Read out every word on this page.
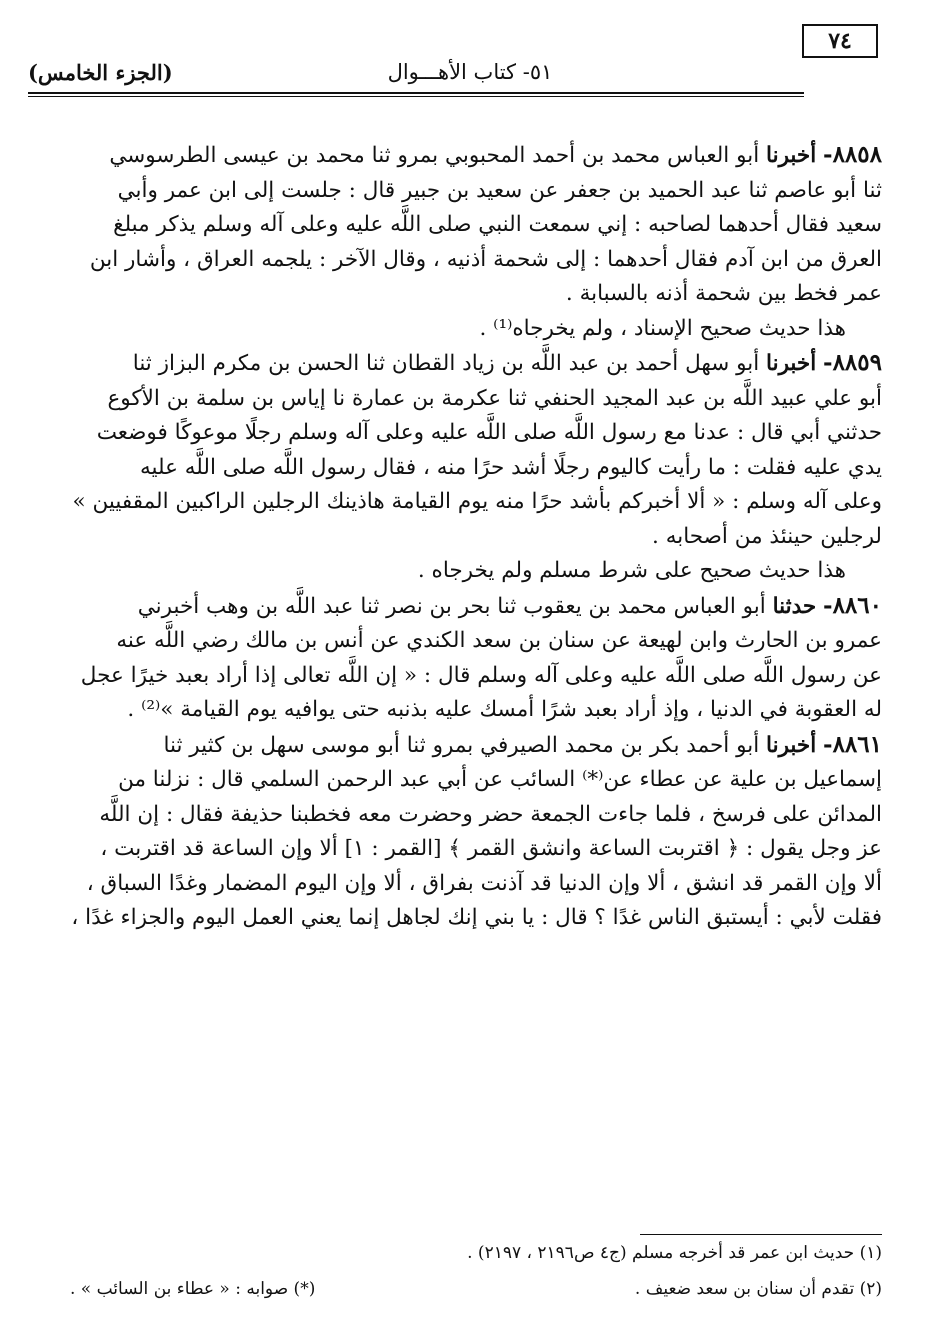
٥١- كتاب الأهـــوال
(الجزء الخامس)
٧٤

٨٨٥٨- أخبرنا أبو العباس محمد بن أحمد المحبوبي بمرو ثنا محمد بن عيسى الطرسوسي

ثنا أبو عاصم ثنا عبد الحميد بن جعفر عن سعيد بن جبير قال : جلست إلى ابن عمر وأبي

سعيد فقال أحدهما لصاحبه : إني سمعت النبي صلى اللَّه عليه وعلى آله وسلم يذكر مبلغ

العرق من ابن آدم فقال أحدهما : إلى شحمة أذنيه ، وقال الآخر : يلجمه العراق ، وأشار ابن

عمر فخط بين شحمة أذنه بالسبابة .

هذا حديث صحيح الإسناد ، ولم يخرجاه⁽¹⁾ .

٨٨٥٩- أخبرنا أبو سهل أحمد بن عبد اللَّه بن زياد القطان ثنا الحسن بن مكرم البزاز ثنا

أبو علي عبيد اللَّه بن عبد المجيد الحنفي ثنا عكرمة بن عمارة نا إياس بن سلمة بن الأكوع

حدثني أبي قال : عدنا مع رسول اللَّه صلى اللَّه عليه وعلى آله وسلم رجلًا موعوكًا فوضعت

يدي عليه فقلت : ما رأيت كاليوم رجلًا أشد حرًا منه ، فقال رسول اللَّه صلى اللَّه عليه

وعلى آله وسلم : « ألا أخبركم بأشد حرًا منه يوم القيامة هاذينك الرجلين الراكبين المقفيين »

لرجلين حينئذ من أصحابه .

هذا حديث صحيح على شرط مسلم ولم يخرجاه .

٨٨٦٠- حدثنا أبو العباس محمد بن يعقوب ثنا بحر بن نصر ثنا عبد اللَّه بن وهب أخبرني

عمرو بن الحارث وابن لهيعة عن سنان بن سعد الكندي عن أنس بن مالك رضي اللَّه عنه

عن رسول اللَّه صلى اللَّه عليه وعلى آله وسلم قال : « إن اللَّه تعالى إذا أراد بعبد خيرًا عجل

له العقوبة في الدنيا ، وإذ أراد بعبد شرًا أمسك عليه بذنبه حتى يوافيه يوم القيامة »⁽²⁾ .

٨٨٦١- أخبرنا أبو أحمد بكر بن محمد الصيرفي بمرو ثنا أبو موسى سهل بن كثير ثنا

إسماعيل بن علية عن عطاء عن⁽*⁾ السائب عن أبي عبد الرحمن السلمي قال : نزلنا من

المدائن على فرسخ ، فلما جاءت الجمعة حضر وحضرت معه فخطبنا حذيفة فقال : إن اللَّه

عز وجل يقول : ﴿ اقتربت الساعة وانشق القمر ﴾ [القمر : ١] ألا وإن الساعة قد اقتربت ،

ألا وإن القمر قد انشق ، ألا وإن الدنيا قد آذنت بفراق ، ألا وإن اليوم المضمار وغدًا السباق ،

فقلت لأبي : أيستبق الناس غدًا ؟ قال : يا بني إنك لجاهل إنما يعني العمل اليوم والجزاء غدًا ،

(١) حديث ابن عمر قد أخرجه مسلم (ج٤ ص٢١٩٦ ، ٢١٩٧) .
(٢) تقدم أن سنان بن سعد ضعيف .
(*) صوابه : « عطاء بن السائب » .
